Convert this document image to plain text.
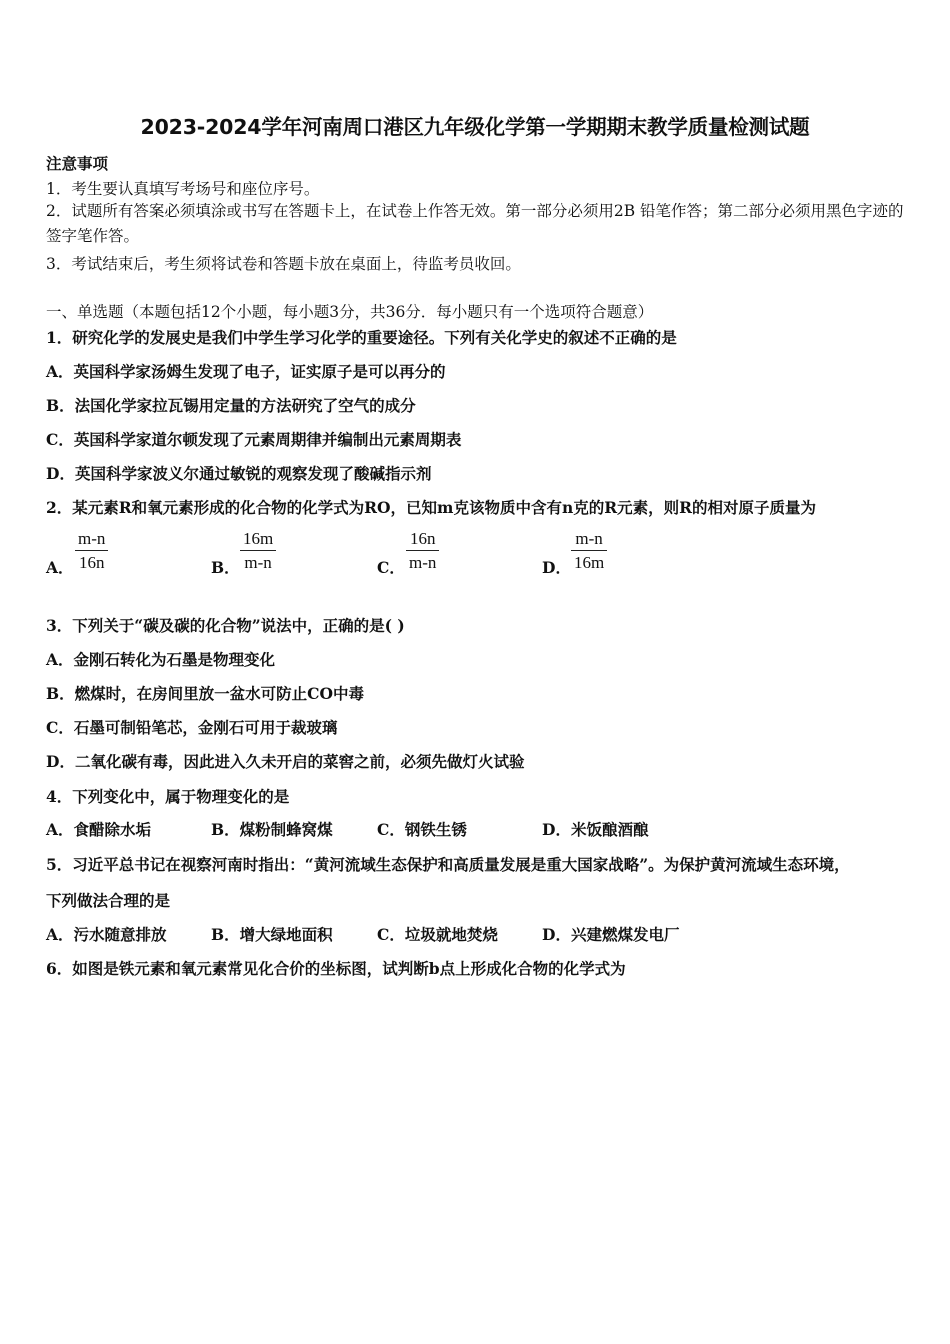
2023-2024学年河南周口港区九年级化学第一学期期末教学质量检测试题
注意事项
1．考生要认真填写考场号和座位序号。
2．试题所有答案必须填涂或书写在答题卡上，在试卷上作答无效。第一部分必须用2B 铅笔作答；第二部分必须用黑色字迹的签字笔作答。
3．考试结束后，考生须将试卷和答题卡放在桌面上，待监考员收回。
一、单选题（本题包括12个小题，每小题3分，共36分．每小题只有一个选项符合题意）
1．研究化学的发展史是我们中学生学习化学的重要途径。下列有关化学史的叙述不正确的是
A．英国科学家汤姆生发现了电子，证实原子是可以再分的
B．法国化学家拉瓦锡用定量的方法研究了空气的成分
C．英国科学家道尔顿发现了元素周期律并编制出元素周期表
D．英国科学家波义尔通过敏锐的观察发现了酸碱指示剂
2．某元素R和氧元素形成的化合物的化学式为RO，已知m克该物质中含有n克的R元素，则R的相对原子质量为
A． $\frac{m-n}{16n}$	B． $\frac{16m}{m-n}$	C． $\frac{16n}{m-n}$	D． $\frac{m-n}{16m}$
3．下列关于“碳及碳的化合物”说法中，正确的是( )
A．金刚石转化为石墨是物理变化
B．燃煤时，在房间里放一盆水可防止CO中毒
C．石墨可制铅笔芯，金刚石可用于裁玻璃
D．二氧化碳有毒，因此进入久未开启的菜窖之前，必须先做灯火试验
4．下列变化中，属于物理变化的是
A．食醋除水垢	B．煤粉制蜂窝煤	C．钢铁生锈	D．米饭酿酒酿
5．习近平总书记在视察河南时指出：“黄河流域生态保护和高质量发展是重大国家战略”。为保护黄河流域生态环境，
下列做法合理的是
A．污水随意排放	B．增大绿地面积	C．垃圾就地焚烧	D．兴建燃煤发电厂
6．如图是铁元素和氧元素常见化合价的坐标图，试判断b点上形成化合物的化学式为
